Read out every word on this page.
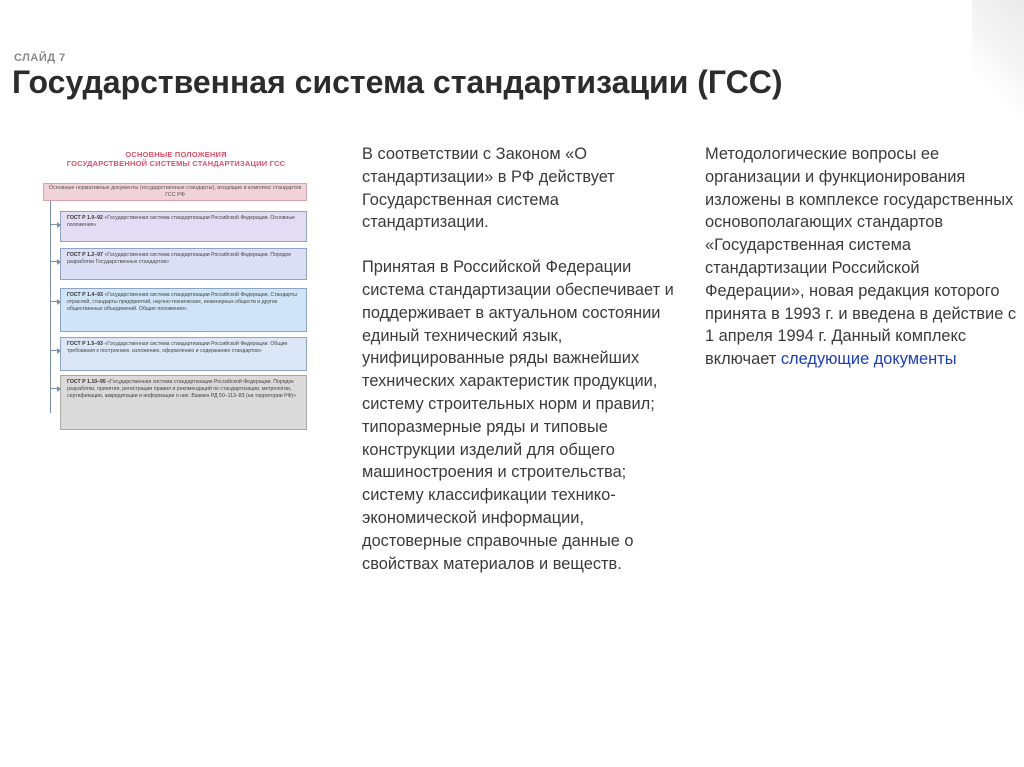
СЛАЙД 7
Государственная система стандартизации (ГСС)
ОСНОВНЫЕ ПОЛОЖЕНИЯ
ГОСУДАРСТВЕННОЙ СИСТЕМЫ СТАНДАРТИЗАЦИИ ГСС
Основные нормативные документы (государственные стандарты), входящие в комплекс стандартов ГСС РФ
ГОСТ Р 1.0–92 «Государственная система стандартизации Российской Федерации. Основные положения»
ГОСТ Р 1.2–97 «Государственная система стандартизации Российской Федерации. Порядок разработки Государственных стандартов»
ГОСТ Р 1.4–93 «Государственная система стандартизации Российской Федерации. Стандарты отраслей, стандарты предприятий, научно-технических, инженерных обществ и других общественных объединений. Общие положения»
ГОСТ Р 1.5–93 «Государственная система стандартизации Российской Федерации. Общие требования к построению, изложению, оформлению и содержанию стандартов»
ГОСТ Р 1.10–95 «Государственная система стандартизации Российской Федерации. Порядок разработки, принятия, регистрации правил и рекомендаций по стандартизации, метрологии, сертификации, аккредитации и информации о них. Взамен РД 50–113–83 (на территории РФ)»

В соответствии с Законом «О стандартизации» в РФ действует Государственная система стандартизации.

Принятая в Российской Федерации система стандартизации обеспечивает и поддерживает в актуальном состоянии единый технический язык, унифицированные ряды важнейших технических характеристик продукции, систему строительных норм и правил; типоразмерные ряды и типовые конструкции изделий для общего машиностроения и строительства; систему классификации технико-экономической информации, достоверные справочные данные о свойствах материалов и веществ.

Методологические вопросы ее организации и функционирования изложены в комплексе государственных основополагающих стандартов «Государственная система стандартизации Российской Федерации», новая редакция которого принята в 1993 г. и введена в действие с 1 апреля 1994 г. Данный комплекс включает следующие документы
